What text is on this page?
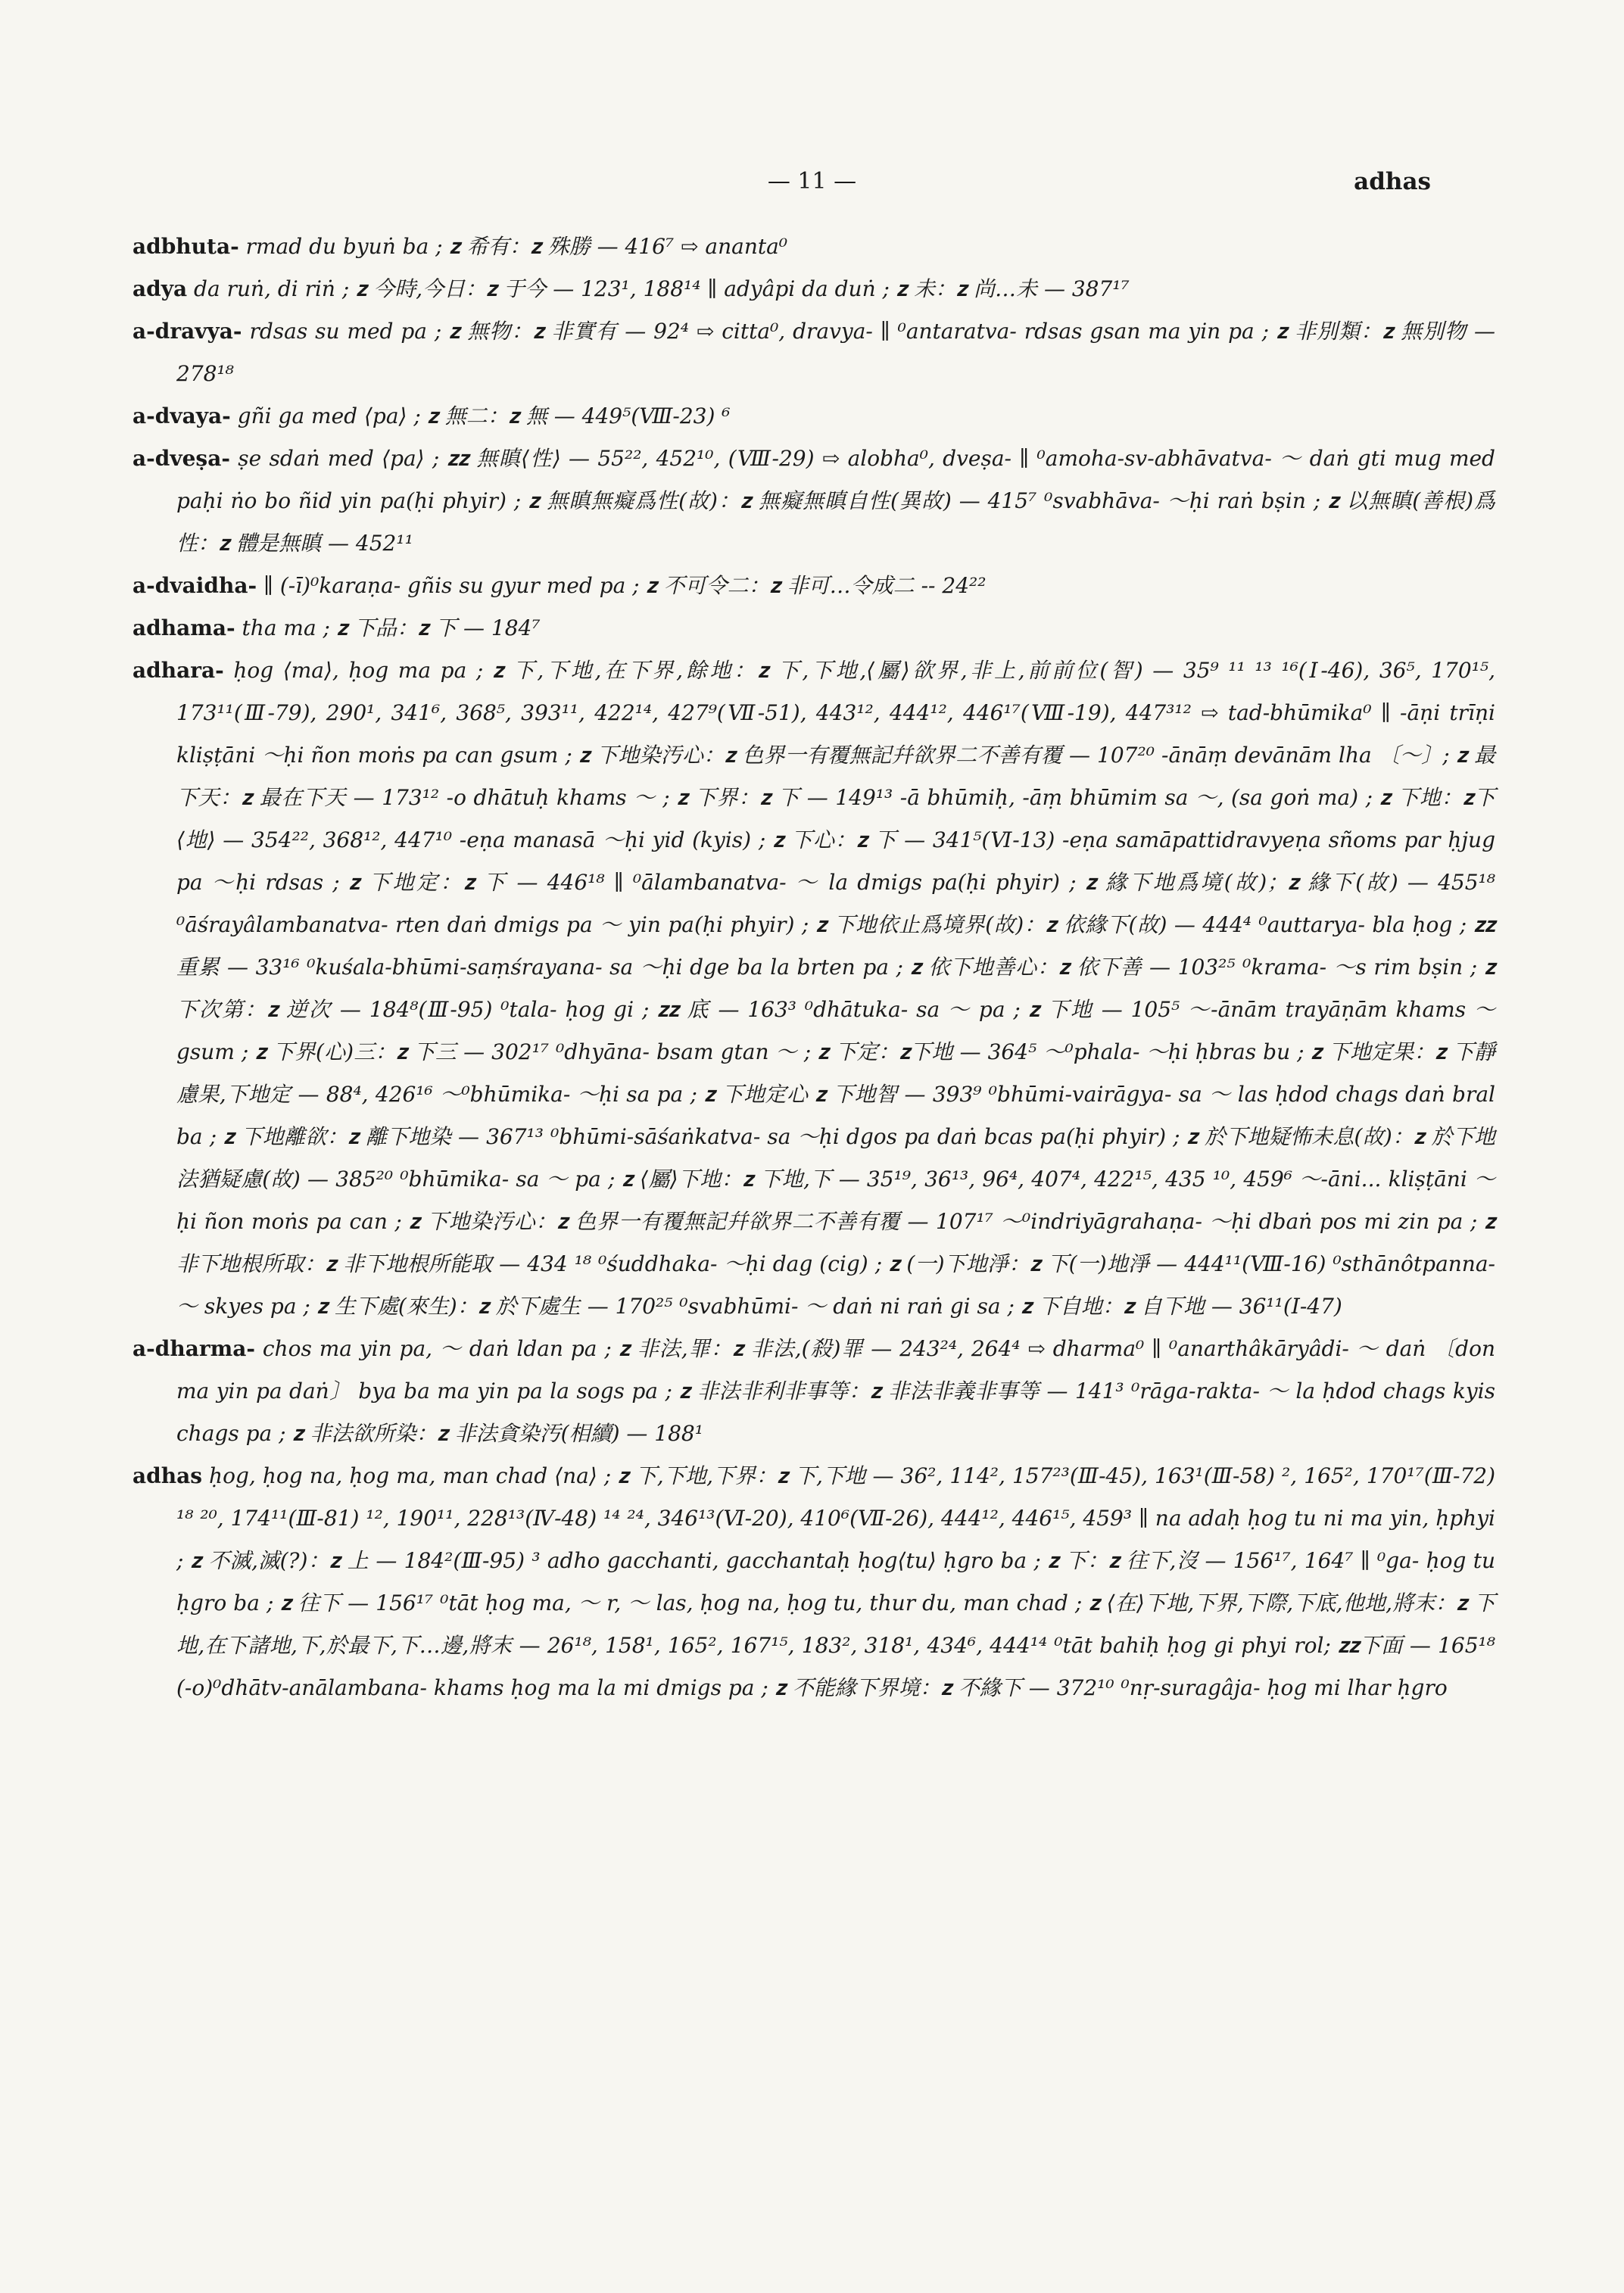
— 11 —	adhas

adbhuta- rmad du byuṅ ba ; 𝐳 希有：𝐳 殊勝 — 416⁷ ⇨ ananta⁰

adya da ruṅ, di riṅ ; 𝐳 今時,今日：𝐳 于今 — 123¹, 188¹⁴ ∥ adyâpi da duṅ ; 𝐳 未：𝐳 尚…未 — 387¹⁷

a-dravya- rdsas su med pa ; 𝐳 無物：𝐳 非實有 — 92⁴ ⇨ citta⁰, dravya- ∥ ⁰antaratva- rdsas gsan ma yin pa ; 𝐳 非別類：𝐳 無別物 — 278¹⁸

a-dvaya- gñi ga med ⟨pa⟩ ; 𝐳 無二：𝐳 無 — 449⁵(Ⅷ-23) ⁶

a-dveṣa- ṣe sdaṅ med ⟨pa⟩ ; 𝐳𝐳 無瞋⟨性⟩ — 55²², 452¹⁰, (Ⅷ-29) ⇨ alobha⁰, dveṣa- ∥ ⁰amoha-sv-abhāvatva- ～ daṅ gti mug med paḥi ṅo bo ñid yin pa(ḥi phyir) ; 𝐳 無瞋無癡爲性(故)：𝐳 無癡無瞋自性(異故) — 415⁷ ⁰svabhāva- ～ḥi raṅ bṣin ; 𝐳 以無瞋(善根)爲性：𝐳 體是無瞋 — 452¹¹

a-dvaidha- ∥ (-ī)⁰karaṇa- gñis su gyur med pa ; 𝐳 不可令二：𝐳 非可…令成二 -- 24²²

adhama- tha ma ; 𝐳 下品：𝐳 下 — 184⁷

adhara- ḥog ⟨ma⟩, ḥog ma pa ; 𝐳 下,下地,在下界,餘地：𝐳 下,下地,⟨屬⟩欲界,非上,前前位(智) — 35⁹ ¹¹ ¹³ ¹⁶(Ⅰ-46), 36⁵, 170¹⁵, 173¹¹(Ⅲ-79), 290¹, 341⁶, 368⁵, 393¹¹, 422¹⁴, 427⁹(Ⅶ-51), 443¹², 444¹², 446¹⁷(Ⅷ-19), 447³¹² ⇨ tad-bhūmika⁰ ∥ -āṇi trīṇi kliṣṭāni ～ḥi ñon moṅs pa can gsum ; 𝐳 下地染汚心：𝐳 色界一有覆無記幷欲界二不善有覆 — 107²⁰ -ānāṃ devānām lha 〔～〕; 𝐳 最下天：𝐳 最在下天 — 173¹² -o dhātuḥ khams ～ ; 𝐳 下界：𝐳 下 — 149¹³ -ā bhūmiḥ, -āṃ bhūmim sa ～, (sa goṅ ma) ; 𝐳 下地：𝐳下⟨地⟩ — 354²², 368¹², 447¹⁰ -eṇa manasā ～ḥi yid (kyis) ; 𝐳 下心：𝐳 下 — 341⁵(Ⅵ-13) -eṇa samāpattidravyeṇa sñoms par ḥjug pa ～ḥi rdsas ; 𝐳 下地定：𝐳 下 — 446¹⁸ ∥ ⁰ālambanatva- ～ la dmigs pa(ḥi phyir) ; 𝐳 緣下地爲境(故)；𝐳 緣下(故) — 455¹⁸ ⁰āśrayâlambanatva- rten daṅ dmigs pa ～ yin pa(ḥi phyir) ; 𝐳 下地依止爲境界(故)：𝐳 依緣下(故) — 444⁴ ⁰auttarya- bla ḥog ; 𝐳𝐳 重累 — 33¹⁶ ⁰kuśala-bhūmi-saṃśrayana- sa ～ḥi dge ba la brten pa ; 𝐳 依下地善心：𝐳 依下善 — 103²⁵ ⁰krama- ～s rim bṣin ; 𝐳 下次第：𝐳 逆次 — 184⁸(Ⅲ-95) ⁰tala- ḥog gi ; 𝐳𝐳 底 — 163³ ⁰dhātuka- sa ～ pa ; 𝐳 下地 — 105⁵ ～-ānām trayāṇām khams ～ gsum ; 𝐳 下界(心)三：𝐳 下三 — 302¹⁷ ⁰dhyāna- bsam gtan ～ ; 𝐳 下定：𝐳下地 — 364⁵ ～⁰phala- ～ḥi ḥbras bu ; 𝐳 下地定果：𝐳 下靜慮果,下地定 — 88⁴, 426¹⁶ ～⁰bhūmika- ～ḥi sa pa ; 𝐳 下地定心 𝐳 下地智 — 393⁹ ⁰bhūmi-vairāgya- sa ～ las ḥdod chags daṅ bral ba ; 𝐳 下地離欲：𝐳 離下地染 — 367¹³ ⁰bhūmi-sāśaṅkatva- sa ～ḥi dgos pa daṅ bcas pa(ḥi phyir) ; 𝐳 於下地疑怖未息(故)：𝐳 於下地法猶疑慮(故) — 385²⁰ ⁰bhūmika- sa ～ pa ; 𝐳 ⟨屬⟩下地：𝐳 下地,下 — 35¹⁹, 36¹³, 96⁴, 407⁴, 422¹⁵, 435 ¹⁰, 459⁶ ～-āni... kliṣṭāni ～ḥi ñon moṅs pa can ; 𝐳 下地染汚心：𝐳 色界一有覆無記幷欲界二不善有覆 — 107¹⁷ ～⁰indriyāgrahaṇa- ～ḥi dbaṅ pos mi zin pa ; 𝐳 非下地根所取：𝐳 非下地根所能取 — 434 ¹⁸ ⁰śuddhaka- ～ḥi dag (cig) ; 𝐳 (一)下地淨：𝐳 下(一)地淨 — 444¹¹(Ⅷ-16) ⁰sthānôtpanna- ～ skyes pa ; 𝐳 生下處(來生)：𝐳 於下處生 — 170²⁵ ⁰svabhūmi- ～ daṅ ni raṅ gi sa ; 𝐳 下自地：𝐳 自下地 — 36¹¹(Ⅰ-47)

a-dharma- chos ma yin pa, ～ daṅ ldan pa ; 𝐳 非法,罪：𝐳 非法,(殺)罪 — 243²⁴, 264⁴ ⇨ dharma⁰ ∥ ⁰anarthâkāryâdi- ～ daṅ 〔don ma yin pa daṅ〕 bya ba ma yin pa la sogs pa ; 𝐳 非法非利非事等：𝐳 非法非義非事等 — 141³ ⁰rāga-rakta- ～ la ḥdod chags kyis chags pa ; 𝐳 非法欲所染：𝐳 非法貪染汚(相續) — 188¹

adhas ḥog, ḥog na, ḥog ma, man chad ⟨na⟩ ; 𝐳 下,下地,下界：𝐳 下,下地 — 36², 114², 157²³(Ⅲ-45), 163¹(Ⅲ-58) ², 165², 170¹⁷(Ⅲ-72) ¹⁸ ²⁰, 174¹¹(Ⅲ-81) ¹², 190¹¹, 228¹³(Ⅳ-48) ¹⁴ ²⁴, 346¹³(Ⅵ-20), 410⁶(Ⅶ-26), 444¹², 446¹⁵, 459³ ∥ na adaḥ ḥog tu ni ma yin, ḥphyi ; 𝐳 不滅,滅(?)：𝐳 上 — 184²(Ⅲ-95) ³ adho gacchanti, gacchantaḥ ḥog⟨tu⟩ ḥgro ba ; 𝐳 下：𝐳 往下,沒 — 156¹⁷, 164⁷ ∥ ⁰ga- ḥog tu ḥgro ba ; 𝐳 往下 — 156¹⁷ ⁰tāt ḥog ma, ～ r, ～ las, ḥog na, ḥog tu, thur du, man chad ; 𝐳 ⟨在⟩下地,下界,下際,下底,他地,將末：𝐳 下地,在下諸地,下,於最下,下…邊,將末 — 26¹⁸, 158¹, 165², 167¹⁵, 183², 318¹, 434⁶, 444¹⁴ ⁰tāt bahiḥ ḥog gi phyi rol; 𝐳𝐳下面 — 165¹⁸ (-o)⁰dhātv-anālambana- khams ḥog ma la mi dmigs pa ; 𝐳 不能緣下界境：𝐳 不緣下 — 372¹⁰ ⁰nṛ-suragâja- ḥog mi lhar ḥgro
